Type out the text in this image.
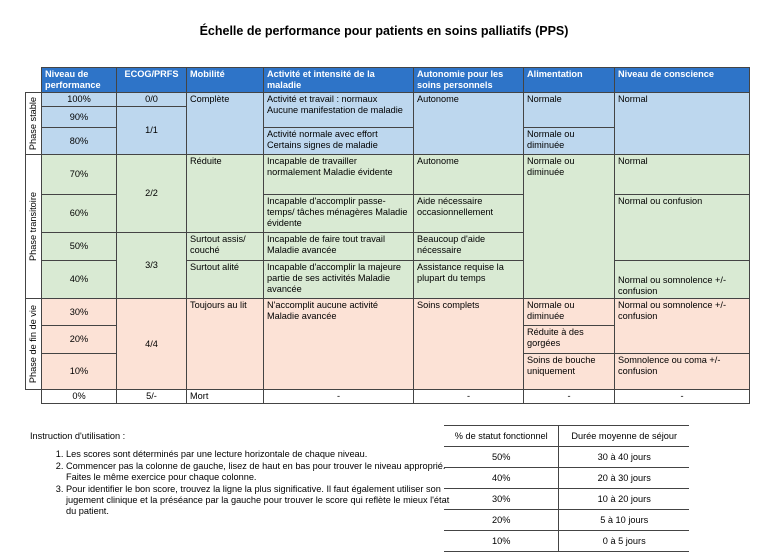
Échelle de performance pour patients en soins palliatifs (PPS)
	Niveau de performance	ECOG/PRFS	Mobilité	Activité et intensité de la maladie	Autonomie pour les soins personnels	Alimentation	Niveau de conscience

Phase stable	100%	0/0	Complète	Activité et travail : normaux Aucune manifestation de maladie	Autonome	Normale	Normal
	90%	1/1					
	80%			Activité normale avec effort Certains signes de maladie		Normale ou diminuée	

Phase transitoire	70%	2/2	Réduite	Incapable de travailler normalement Maladie évidente	Autonome	Normale ou diminuée	Normal
	60%			Incapable d'accomplir passe-temps/ tâches ménagères Maladie évidente	Aide nécessaire occasionnellement		Normal ou confusion
	50%	3/3	Surtout assis/ couché	Incapable de faire tout travail Maladie avancée	Beaucoup d'aide nécessaire		
	40%		Surtout alité	Incapable d'accomplir la majeure partie de ses activités Maladie avancée	Assistance requise la plupart du temps		Normal ou somnolence +/- confusion

Phase de fin de vie	30%	4/4	Toujours au lit	N'accomplit aucune activité Maladie avancée	Soins complets	Normale ou diminuée	Normal ou somnolence +/- confusion
	20%					Réduite à des gorgées	
	10%					Soins de bouche uniquement	Somnolence ou coma +/- confusion
	0%	5/-	Mort	-	-	-	-
Instruction d'utilisation :
1. Les scores sont déterminés par une lecture horizontale de chaque niveau.
2. Commencer pas la colonne de gauche, lisez de haut en bas pour trouver le niveau approprié. Faites le même exercice pour chaque colonne.
3. Pour identifier le bon score, trouvez la ligne la plus significative. Il faut également utiliser son jugement clinique et la préséance par la gauche pour trouver le score qui reflète le mieux l'état du patient.
% de statut fonctionnel	Durée moyenne de séjour
50%	30 à 40 jours
40%	20 à 30 jours
30%	10 à 20 jours
20%	5 à 10 jours
10%	0 à 5 jours
